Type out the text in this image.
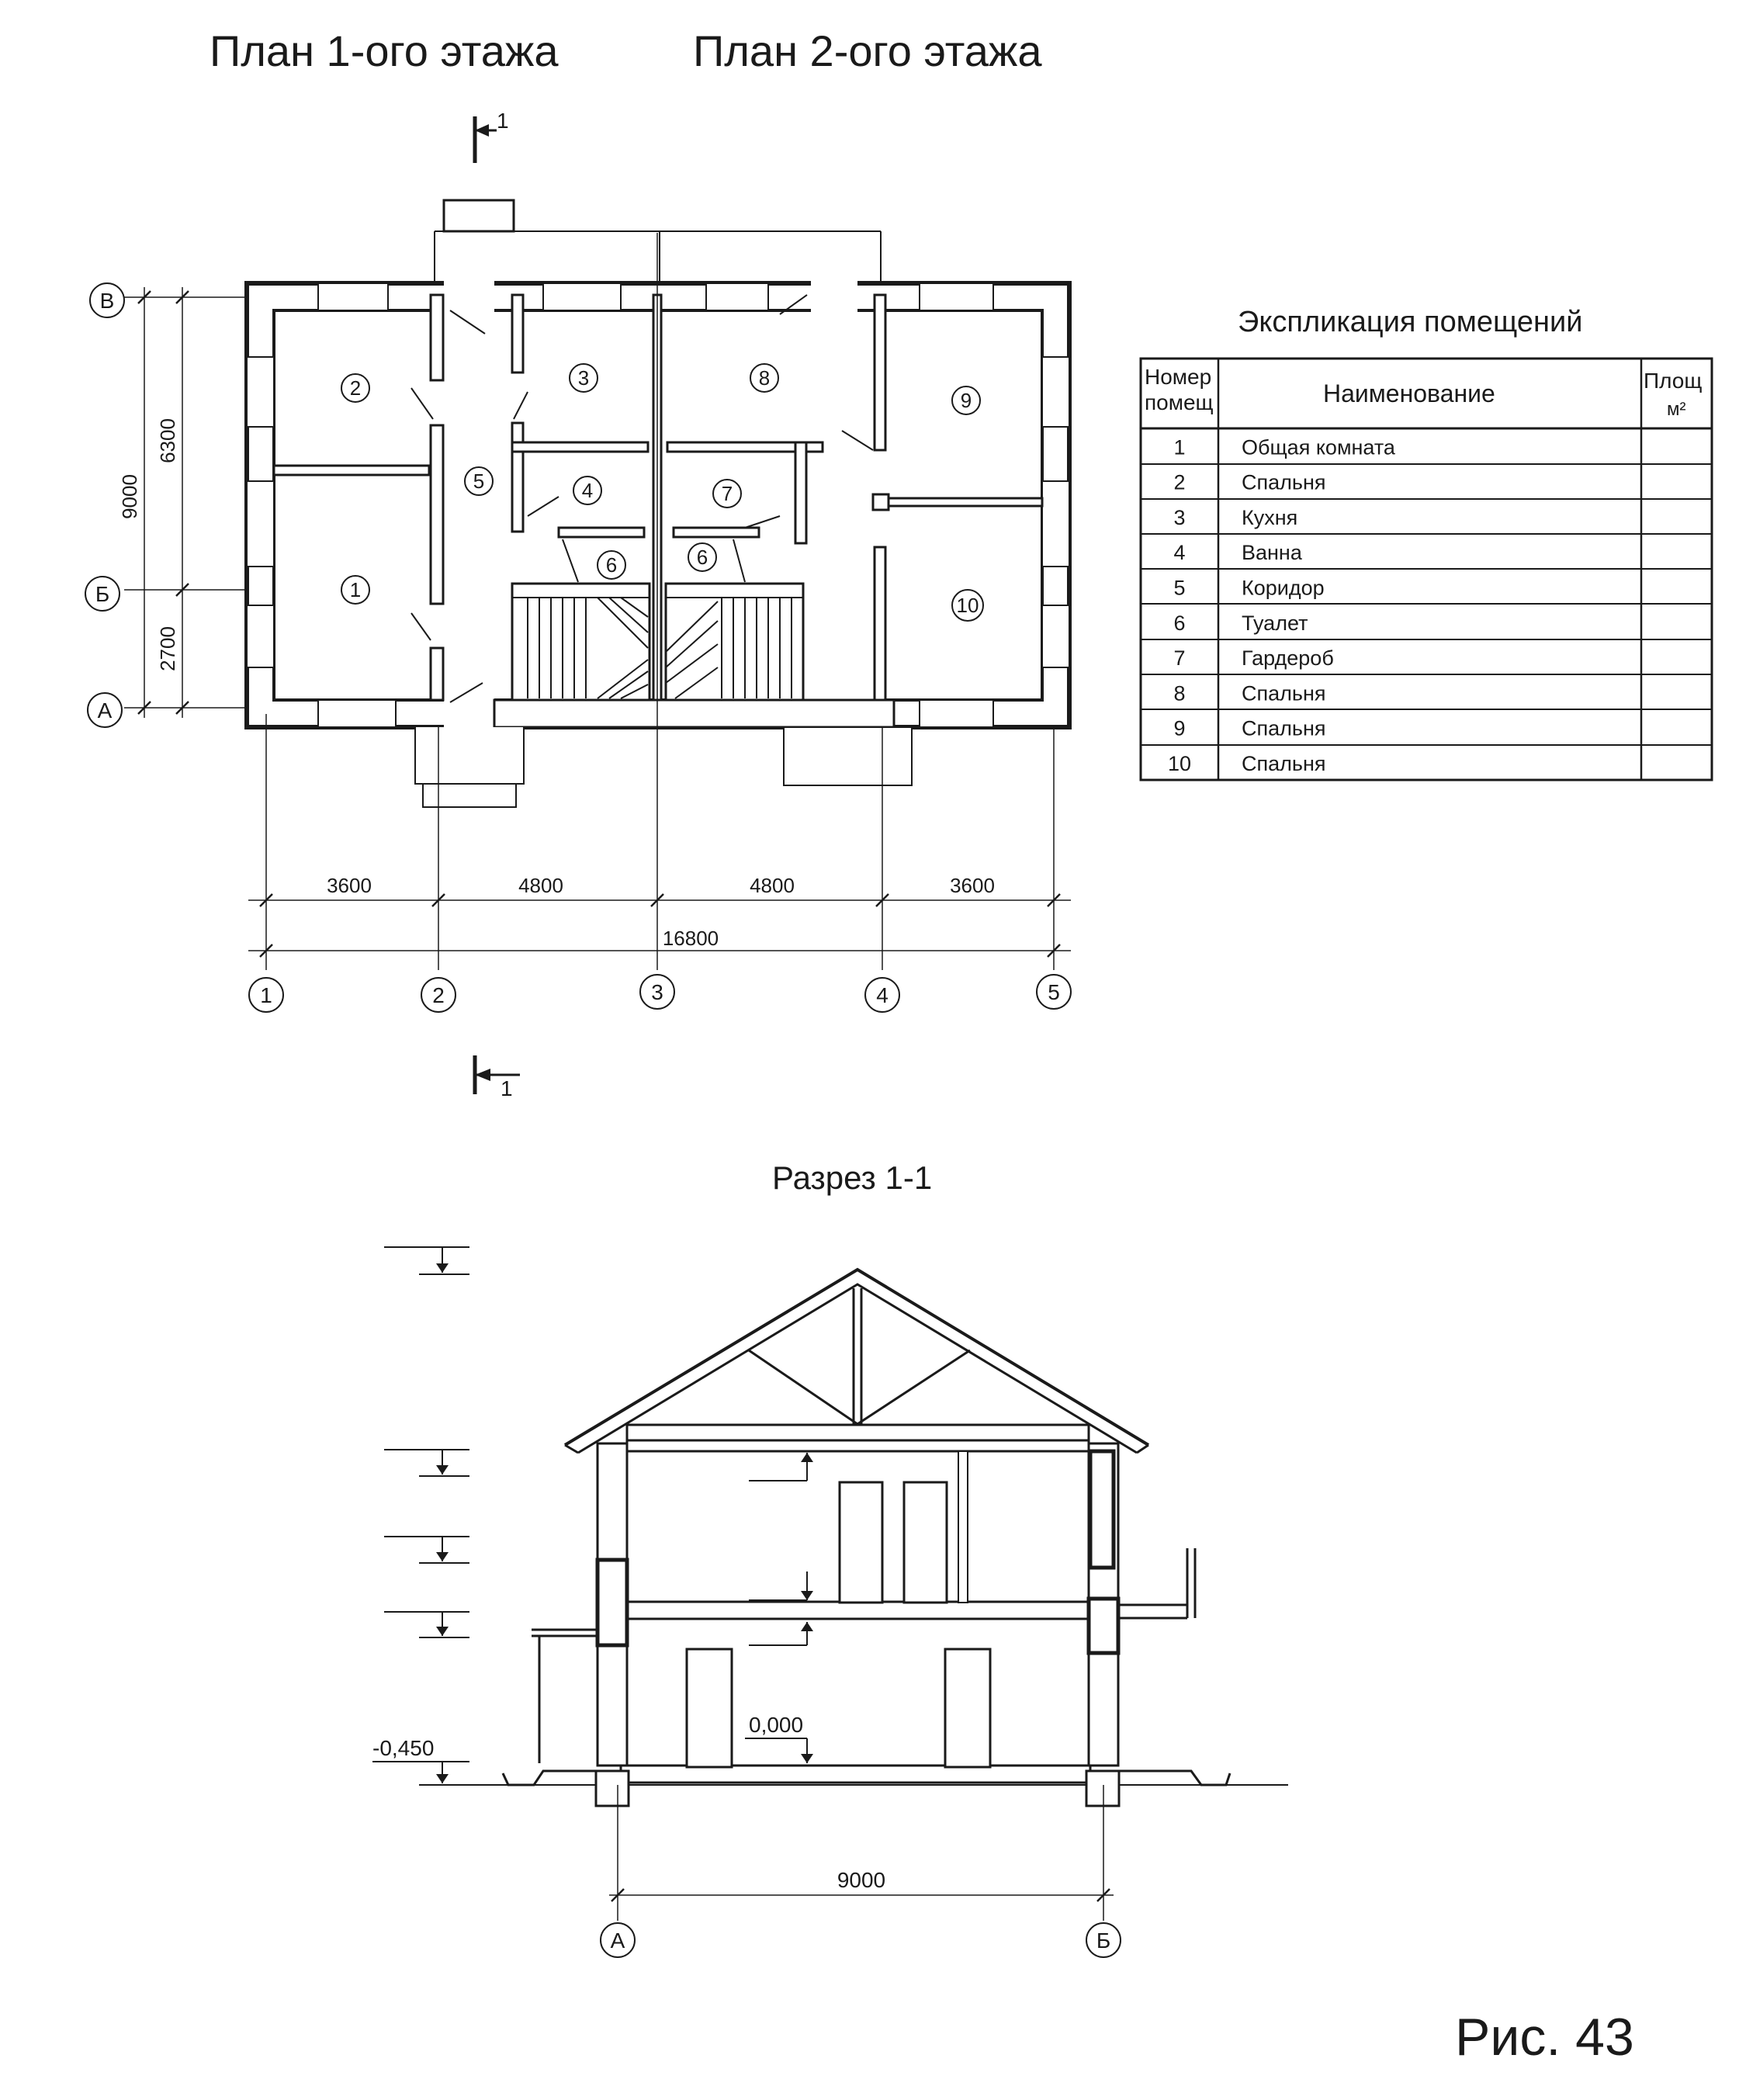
План 1-ого этажа	План 2-ого этажа
1
1
1
2	3
4
5
6	6
7
8
9
10
3600	4800	4800	3600
16800
9000
6300
2700
В
Б
А
1	2	3	4	5
Экспликация помещений
Номер
помещ	Наименование	Площ
м²
1	Общая комната
2	Спальня
3	Кухня
4	Ванна
5	Коридор
6	Туалет
7	Гардероб
8	Спальня
9	Спальня
10 Спальня
Разрез 1-1
-0,450
0,000
9000
А	Б
Рис. 43
